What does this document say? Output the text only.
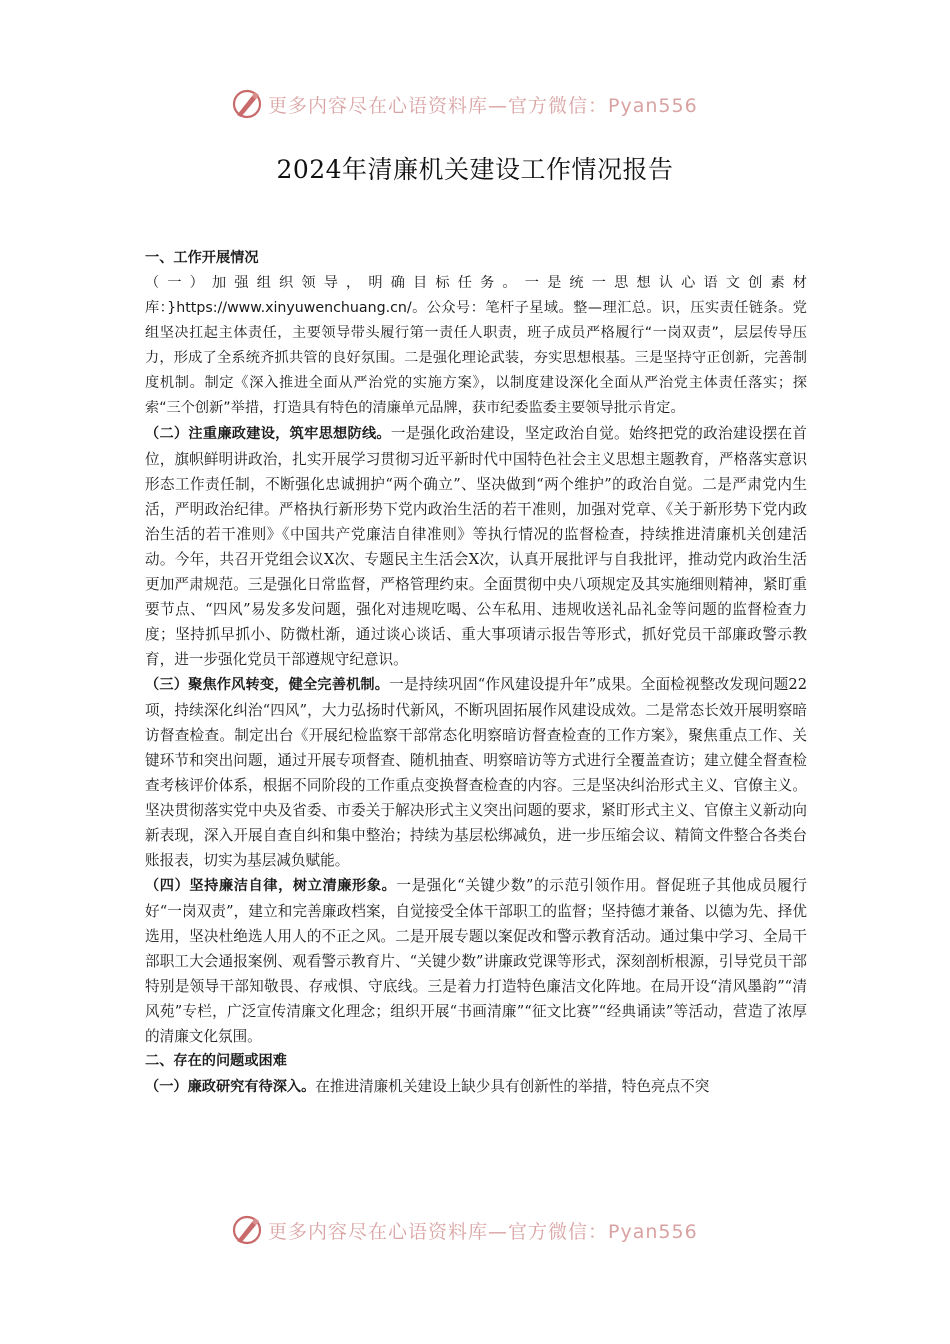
更多内容尽在心语资料库—官方微信：Pyan556
2024年清廉机关建设工作情况报告

一、工作开展情况

（一）加强组织领导，明确目标任务。一是统一思想认心语文创素材库：}https://www.xinyuwenchuang.cn/。公众号：笔杆子星域。整—理汇总。识，压实责任链条。党组坚决扛起主体责任，主要领导带头履行第一责任人职责，班子成员严格履行“一岗双责”，层层传导压力，形成了全系统齐抓共管的良好氛围。二是强化理论武装，夯实思想根基。三是坚持守正创新，完善制度机制。制定《深入推进全面从严治党的实施方案》，以制度建设深化全面从严治党主体责任落实；探索“三个创新”举措，打造具有特色的清廉单元品牌，获市纪委监委主要领导批示肯定。

（二）注重廉政建设，筑牢思想防线。一是强化政治建设，坚定政治自觉。始终把党的政治建设摆在首位，旗帜鲜明讲政治，扎实开展学习贯彻习近平新时代中国特色社会主义思想主题教育，严格落实意识形态工作责任制，不断强化忠诚拥护“两个确立”、坚决做到“两个维护”的政治自觉。二是严肃党内生活，严明政治纪律。严格执行新形势下党内政治生活的若干准则，加强对党章、《关于新形势下党内政治生活的若干准则》《中国共产党廉洁自律准则》等执行情况的监督检查，持续推进清廉机关创建活动。今年，共召开党组会议X次、专题民主生活会X次，认真开展批评与自我批评，推动党内政治生活更加严肃规范。三是强化日常监督，严格管理约束。全面贯彻中央八项规定及其实施细则精神，紧盯重要节点、“四风”易发多发问题，强化对违规吃喝、公车私用、违规收送礼品礼金等问题的监督检查力度；坚持抓早抓小、防微杜渐，通过谈心谈话、重大事项请示报告等形式，抓好党员干部廉政警示教育，进一步强化党员干部遵规守纪意识。

（三）聚焦作风转变，健全完善机制。一是持续巩固“作风建设提升年”成果。全面检视整改发现问题22项，持续深化纠治“四风”，大力弘扬时代新风，不断巩固拓展作风建设成效。二是常态长效开展明察暗访督查检查。制定出台《开展纪检监察干部常态化明察暗访督查检查的工作方案》，聚焦重点工作、关键环节和突出问题，通过开展专项督查、随机抽查、明察暗访等方式进行全覆盖查访；建立健全督查检查考核评价体系，根据不同阶段的工作重点变换督查检查的内容。三是坚决纠治形式主义、官僚主义。坚决贯彻落实党中央及省委、市委关于解决形式主义突出问题的要求，紧盯形式主义、官僚主义新动向新表现，深入开展自查自纠和集中整治；持续为基层松绑减负，进一步压缩会议、精简文件整合各类台账报表，切实为基层减负赋能。

（四）坚持廉洁自律，树立清廉形象。一是强化“关键少数”的示范引领作用。督促班子其他成员履行好“一岗双责”，建立和完善廉政档案，自觉接受全体干部职工的监督；坚持德才兼备、以德为先、择优选用，坚决杜绝选人用人的不正之风。二是开展专题以案促改和警示教育活动。通过集中学习、全局干部职工大会通报案例、观看警示教育片、“关键少数”讲廉政党课等形式，深刻剖析根源，引导党员干部特别是领导干部知敬畏、存戒惧、守底线。三是着力打造特色廉洁文化阵地。在局开设“清风墨韵”“清风苑”专栏，广泛宣传清廉文化理念；组织开展“书画清廉”“征文比赛”“经典诵读”等活动，营造了浓厚的清廉文化氛围。

二、存在的问题或困难

（一）廉政研究有待深入。在推进清廉机关建设上缺少具有创新性的举措，特色亮点不突

更多内容尽在心语资料库—官方微信：Pyan556
